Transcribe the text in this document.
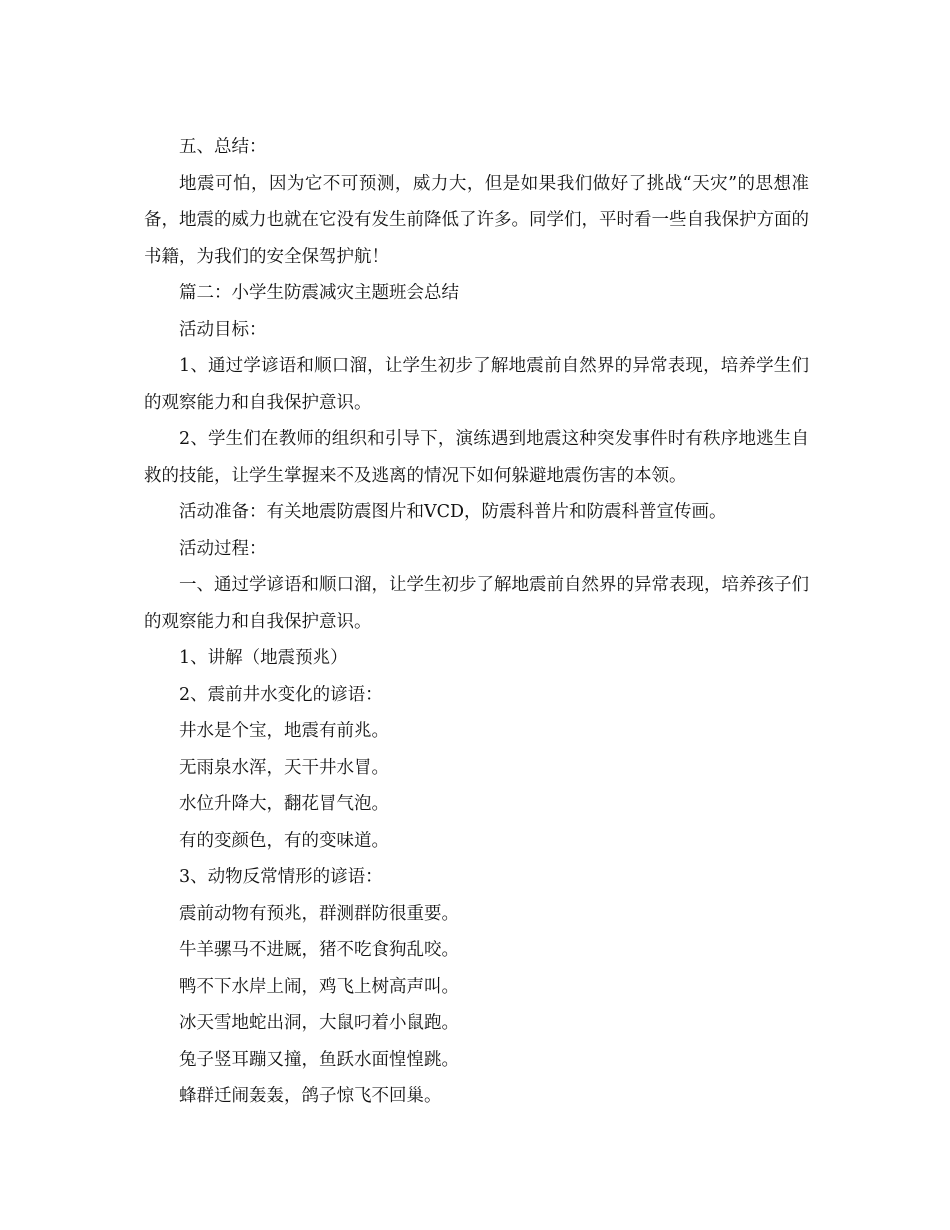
五、总结：

地震可怕，因为它不可预测，威力大，但是如果我们做好了挑战“天灾”的思想准备，地震的威力也就在它没有发生前降低了许多。同学们，平时看一些自我保护方面的书籍，为我们的安全保驾护航！

篇二：小学生防震减灾主题班会总结

活动目标：

1、通过学谚语和顺口溜，让学生初步了解地震前自然界的异常表现，培养学生们的观察能力和自我保护意识。

2、学生们在教师的组织和引导下，演练遇到地震这种突发事件时有秩序地逃生自救的技能，让学生掌握来不及逃离的情况下如何躲避地震伤害的本领。

活动准备：有关地震防震图片和VCD，防震科普片和防震科普宣传画。

活动过程：

一、通过学谚语和顺口溜，让学生初步了解地震前自然界的异常表现，培养孩子们的观察能力和自我保护意识。

1、讲解（地震预兆）

2、震前井水变化的谚语：

井水是个宝，地震有前兆。

无雨泉水浑，天干井水冒。

水位升降大，翻花冒气泡。

有的变颜色，有的变味道。

3、动物反常情形的谚语：

震前动物有预兆，群测群防很重要。

牛羊骡马不进厩，猪不吃食狗乱咬。

鸭不下水岸上闹，鸡飞上树高声叫。

冰天雪地蛇出洞，大鼠叼着小鼠跑。

兔子竖耳蹦又撞，鱼跃水面惶惶跳。

蜂群迁闹轰轰，鸽子惊飞不回巢。
